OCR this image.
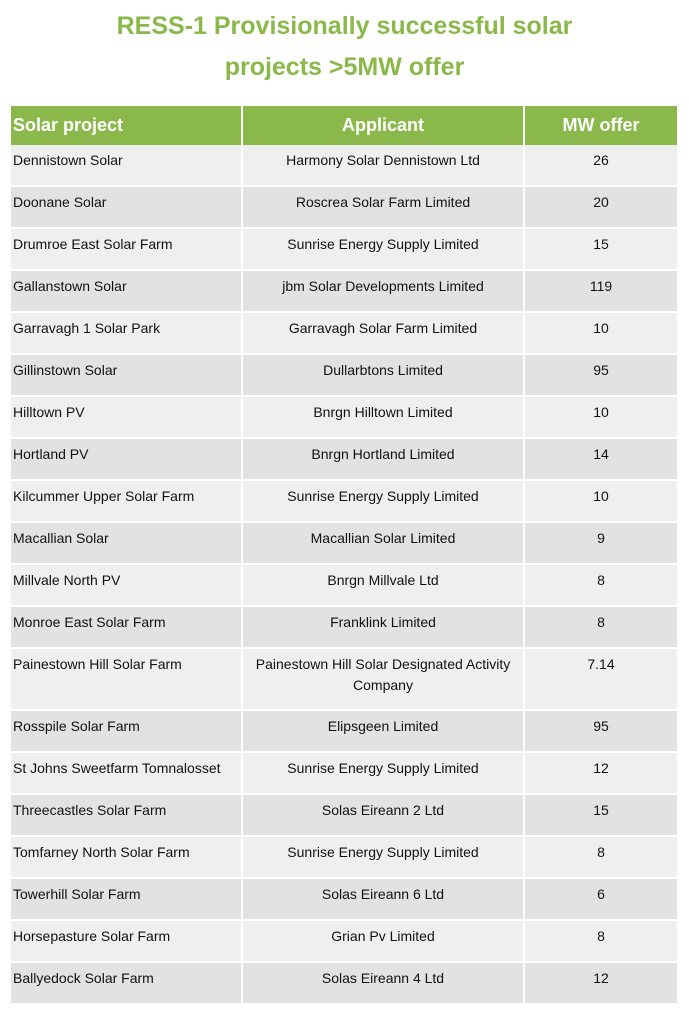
RESS-1 Provisionally successful solar
projects >5MW offer
Solar project	Applicant	MW offer
Dennistown Solar	Harmony Solar Dennistown Ltd	26
Doonane Solar	Roscrea Solar Farm Limited	20
Drumroe East Solar Farm	Sunrise Energy Supply Limited	15
Gallanstown Solar	jbm Solar Developments Limited	119
Garravagh 1 Solar Park	Garravagh Solar Farm Limited	10
Gillinstown Solar	Dullarbtons Limited	95
Hilltown PV	Bnrgn Hilltown Limited	10
Hortland PV	Bnrgn Hortland Limited	14
Kilcummer Upper Solar Farm	Sunrise Energy Supply Limited	10
Macallian Solar	Macallian Solar Limited	9
Millvale North PV	Bnrgn Millvale Ltd	8
Monroe East Solar Farm	Franklink Limited	8
Painestown Hill Solar Farm	Painestown Hill Solar Designated Activity Company	7.14
Rosspile Solar Farm	Elipsgeen Limited	95
St Johns Sweetfarm Tomnalosset	Sunrise Energy Supply Limited	12
Threecastles Solar Farm	Solas Eireann 2 Ltd	15
Tomfarney North Solar Farm	Sunrise Energy Supply Limited	8
Towerhill Solar Farm	Solas Eireann 6 Ltd	6
Horsepasture Solar Farm	Grian Pv Limited	8
Ballyedock Solar Farm	Solas Eireann 4 Ltd	12
